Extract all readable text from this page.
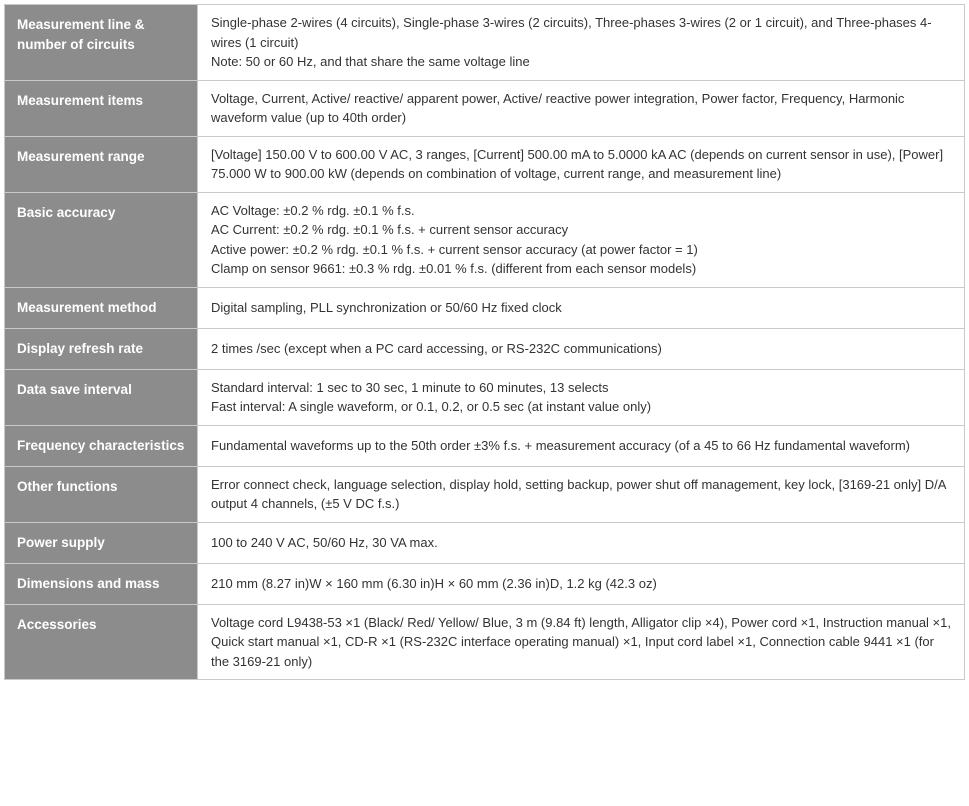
Measurement line & number of circuits	Single-phase 2-wires (4 circuits), Single-phase 3-wires (2 circuits), Three-phases 3-wires (2 or 1 circuit), and Three-phases 4-wires (1 circuit)
Note: 50 or 60 Hz, and that share the same voltage line

Measurement items	Voltage, Current, Active/ reactive/ apparent power, Active/ reactive power integration, Power factor, Frequency, Harmonic waveform value (up to 40th order)

Measurement range	[Voltage] 150.00 V to 600.00 V AC, 3 ranges, [Current] 500.00 mA to 5.0000 kA AC (depends on current sensor in use), [Power] 75.000 W to 900.00 kW (depends on combination of voltage, current range, and measurement line)

Basic accuracy	AC Voltage: ±0.2 % rdg. ±0.1 % f.s.
AC Current: ±0.2 % rdg. ±0.1 % f.s. + current sensor accuracy
Active power: ±0.2 % rdg. ±0.1 % f.s. + current sensor accuracy (at power factor = 1)
Clamp on sensor 9661: ±0.3 % rdg. ±0.01 % f.s. (different from each sensor models)

Measurement method	Digital sampling, PLL synchronization or 50/60 Hz fixed clock

Display refresh rate	2 times /sec (except when a PC card accessing, or RS-232C communications)

Data save interval	Standard interval: 1 sec to 30 sec, 1 minute to 60 minutes, 13 selects
Fast interval: A single waveform, or 0.1, 0.2, or 0.5 sec (at instant value only)

Frequency characteristics	Fundamental waveforms up to the 50th order ±3% f.s. + measurement accuracy (of a 45 to 66 Hz fundamental waveform)

Other functions	Error connect check, language selection, display hold, setting backup, power shut off management, key lock, [3169-21 only] D/A output 4 channels, (±5 V DC f.s.)

Power supply	100 to 240 V AC, 50/60 Hz, 30 VA max.

Dimensions and mass	210 mm (8.27 in)W × 160 mm (6.30 in)H × 60 mm (2.36 in)D, 1.2 kg (42.3 oz)

Accessories	Voltage cord L9438-53 ×1 (Black/ Red/ Yellow/ Blue, 3 m (9.84 ft) length, Alligator clip ×4), Power cord ×1, Instruction manual ×1, Quick start manual ×1, CD-R ×1 (RS-232C interface operating manual) ×1, Input cord label ×1, Connection cable 9441 ×1 (for the 3169-21 only)
